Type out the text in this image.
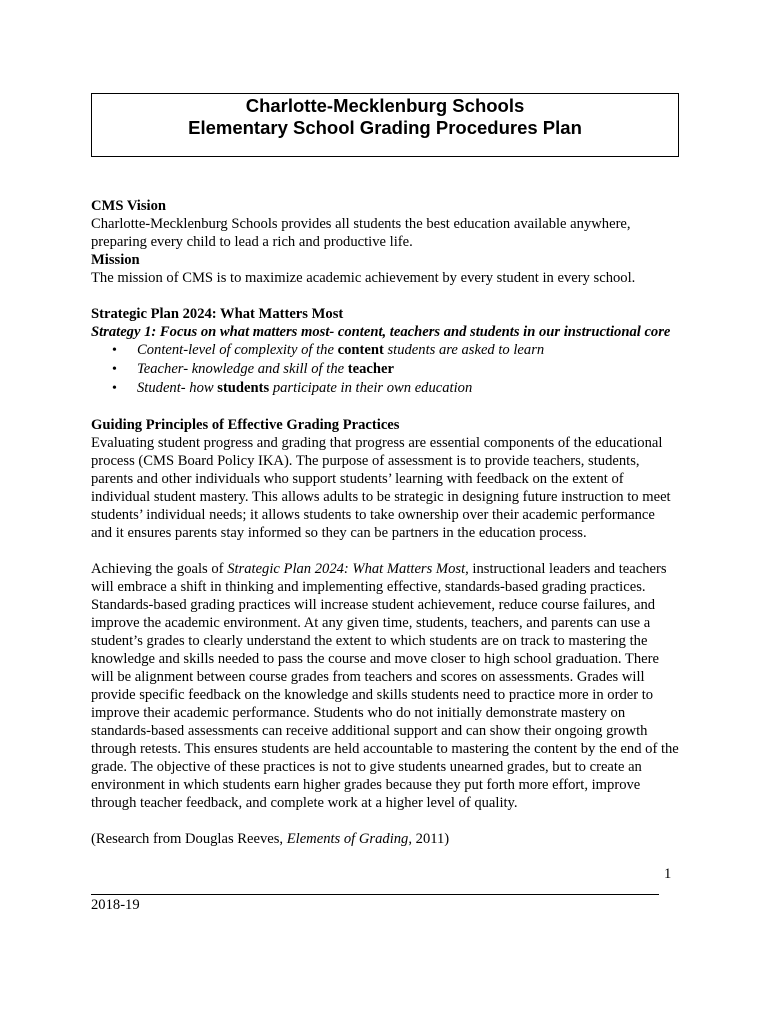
Charlotte-Mecklenburg Schools
Elementary School Grading Procedures Plan

CMS Vision

Charlotte-Mecklenburg Schools provides all students the best education available anywhere, preparing every child to lead a rich and productive life.

Mission

The mission of CMS is to maximize academic achievement by every student in every school.

Strategic Plan 2024: What Matters Most

Strategy 1: Focus on what matters most- content, teachers and students in our instructional core

• Content-level of complexity of the content students are asked to learn
• Teacher- knowledge and skill of the teacher
• Student- how students participate in their own education

Guiding Principles of Effective Grading Practices

Evaluating student progress and grading that progress are essential components of the educational process (CMS Board Policy IKA). The purpose of assessment is to provide teachers, students, parents and other individuals who support students’ learning with feedback on the extent of individual student mastery. This allows adults to be strategic in designing future instruction to meet students’ individual needs; it allows students to take ownership over their academic performance and it ensures parents stay informed so they can be partners in the education process.

Achieving the goals of Strategic Plan 2024: What Matters Most, instructional leaders and teachers will embrace a shift in thinking and implementing effective, standards-based grading practices. Standards-based grading practices will increase student achievement, reduce course failures, and improve the academic environment. At any given time, students, teachers, and parents can use a student’s grades to clearly understand the extent to which students are on track to mastering the knowledge and skills needed to pass the course and move closer to high school graduation. There will be alignment between course grades from teachers and scores on assessments. Grades will provide specific feedback on the knowledge and skills students need to practice more in order to improve their academic performance. Students who do not initially demonstrate mastery on standards-based assessments can receive additional support and can show their ongoing growth through retests. This ensures students are held accountable to mastering the content by the end of the grade. The objective of these practices is not to give students unearned grades, but to create an environment in which students earn higher grades because they put forth more effort, improve through teacher feedback, and complete work at a higher level of quality.

(Research from Douglas Reeves, Elements of Grading, 2011)

1
2018-19
